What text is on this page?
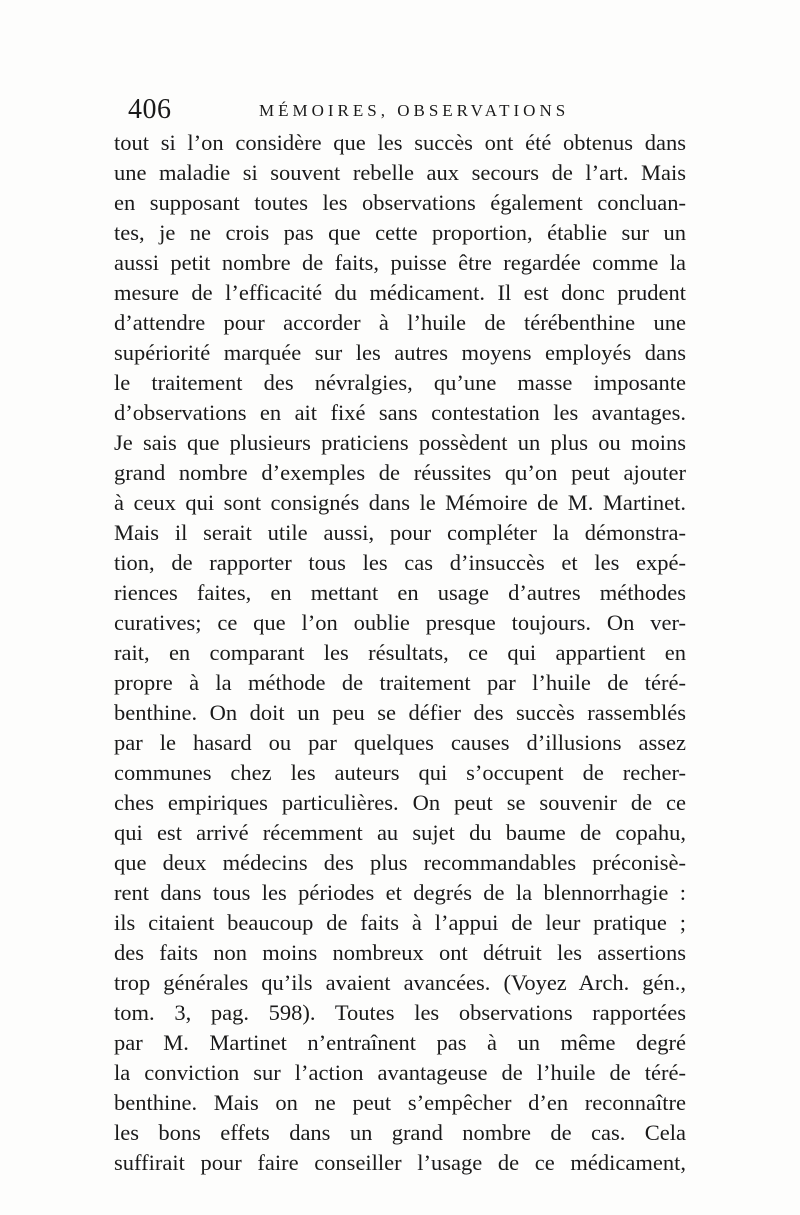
406	MÉMOIRES, OBSERVATIONS
tout si l’on considère que les succès ont été obtenus dans
une maladie si souvent rebelle aux secours de l’art. Mais
en supposant toutes les observations également concluan-
tes, je ne crois pas que cette proportion, établie sur un
aussi petit nombre de faits, puisse être regardée comme la
mesure de l’efficacité du médicament. Il est donc prudent
d’attendre pour accorder à l’huile de térébenthine une
supériorité marquée sur les autres moyens employés dans
le traitement des névralgies, qu’une masse imposante
d’observations en ait fixé sans contestation les avantages.
Je sais que plusieurs praticiens possèdent un plus ou moins
grand nombre d’exemples de réussites qu’on peut ajouter
à ceux qui sont consignés dans le Mémoire de M. Martinet.
Mais il serait utile aussi, pour compléter la démonstra-
tion, de rapporter tous les cas d’insuccès et les expé-
riences faites, en mettant en usage d’autres méthodes
curatives; ce que l’on oublie presque toujours. On ver-
rait, en comparant les résultats, ce qui appartient en
propre à la méthode de traitement par l’huile de téré-
benthine. On doit un peu se défier des succès rassemblés
par le hasard ou par quelques causes d’illusions assez
communes chez les auteurs qui s’occupent de recher-
ches empiriques particulières. On peut se souvenir de ce
qui est arrivé récemment au sujet du baume de copahu,
que deux médecins des plus recommandables préconisè-
rent dans tous les périodes et degrés de la blennorrhagie :
ils citaient beaucoup de faits à l’appui de leur pratique ;
des faits non moins nombreux ont détruit les assertions
trop générales qu’ils avaient avancées. (Voyez Arch. gén.,
tom. 3, pag. 598). Toutes les observations rapportées
par M. Martinet n’entraînent pas à un même degré
la conviction sur l’action avantageuse de l’huile de téré-
benthine. Mais on ne peut s’empêcher d’en reconnaître
les bons effets dans un grand nombre de cas. Cela
suffirait pour faire conseiller l’usage de ce médicament,
